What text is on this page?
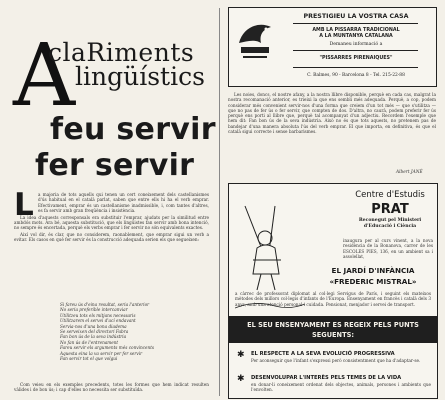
A
claRiments
lingüístics
feu servir
fer servir
L	a majoria de tots aquells qui tenen un cert coneixement dels castellanismes d'ús habitual en el català parlat, saben que entre ells hi ha el verb emprar. Efectivament, emprar és un castellanisme inadmissible, i, com tantes d'altres, es fa servir amb gran freqüència i insistència.

La idea d'aquests corresponsals era substituir l'emprar, ajudats per la similitud entre ambdós mots. Ara bé, aquesta substitució, que els lingüistes fan servir amb bona intenció, no sempre és encertada, perquè els verbs emprar i fer servir no són equivalents exactes.

Així vol dir, és clar, que no considerem, raonablement, que emprar sigui un verb a evitar. Els casos en què fer servir és la construcció adequada serien els que segueixen:

Si fareu ús d'eina resultat, seria l'anterior
No seria preferible intercanviar
Utilitzeu tots els mitjans necessaris
Utilitzarem el servei d'ací endavant
Servia-nos d'una bona diadema
Se serveixen del directori Fabra
Fan bon ús de la seva indústria
No fan ús de l'entrenament
Fareu servir els arguments més convincents
Aquesta eina la va servir per fer servir
Fan servir tot el que volgui

Com veieu en els exemples precedents, totes les formes que hem indicat resulten vàlides i de bon ús; i cap d'elles no necessita ser substituïda.

PRESTIGIEU LA VOSTRA CASA
AMB LA PISSARRA TRADICIONAL
A LA MUNTANYA CATALANA
Demaneu informació a
"PISSARRES PIRENAIQUES"
C. Balmes, 90 - Barcelona 8 - Tel. 215-22-88

Les noies, doncs, el nostre afany, a la nostra llibre disponible, perquè en cada cas, malgrat la nostra recomanació anterior, es trieixi la que ens sembli més adequada. Perquè, a cop, podem considerar més convenient servir-nos d'una forma que creiem d'un tot més — que s'utilitza — que no pas de fer ús o fer servir, que compten de dos. D'altra, no caurà, podem preferir fer ús perquè ens porti al llibre que, perquè tal acompanyat d'un adjectiu. Recordem l'exemple que hem dit: Fan bon ús de la seva indústria. Això no és que tots aquests, no pretenem pas de bandejar d'una manera absoluta l'ús del verb emprar. El que importa, en definitiva, és que el català sigui correcte i sense barbarismes.

Albert JANÉ
Centre d'Estudis
PRAT
Reconegut pel Ministeri d'Educació i Ciència
inaugura per al curs vinent, a la nova residència de la Bonanova, carrer de les ESCOLES PIES, 136, en un ambient sa i assolellat,
EL JARDÍ D'INFÀNCIA
«FREDERIC MISTRAL»
a càrrec de professorat diplomat al col·legi Servigus de París, i seguint els mateixos mètodes dels millors col·legis d'infants de l'Europa. Ensenyament en francès i català dels 3 anys, amb una atenció personal i cuidada. Pensionat, menjador i servei de transport.
EL SEU ENSENYAMENT ES REGEIX PELS PUNTS
SEGUENTS:
✱ EL RESPECTE A LA SEVA EVOLUCIÓ PROGRESSIVA
Per aconseguir que l'infant s'expressi però consistentment que ha d'adaptar-se.
✱ DESENVOLUPAR L'INTERÈS PELS TEMES DE LA VIDA
en donar-li coneixement ordenat dels objectes, animals, persones i ambients que l'envolten.
